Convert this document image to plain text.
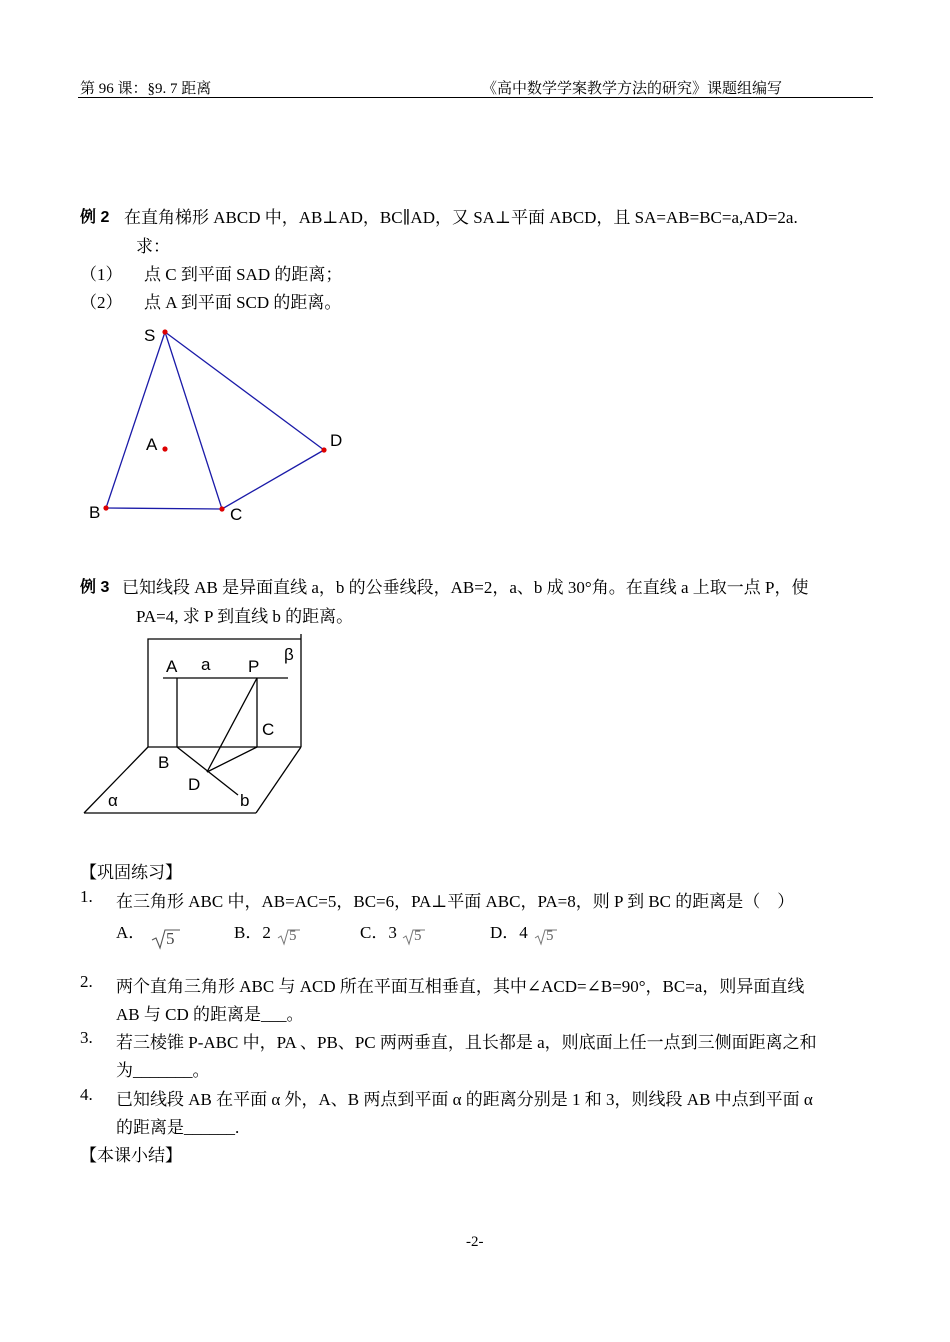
第 96 课：§9. 7 距离	《高中数学学案教学方法的研究》课题组编写
例 2 在直角梯形 ABCD 中，AB⊥AD，BC∥AD，又 SA⊥平面 ABCD，且 SA=AB=BC=a,AD=2a.
求：
（1） 点 C 到平面 SAD 的距离；
（2） 点 A 到平面 SCD 的距离。
S
A
B	C
D
例 3 已知线段 AB 是异面直线 a，b 的公垂线段，AB=2，a、b 成 30°角。在直线 a 上取一点 P，使
PA=4, 求 P 到直线 b 的距离。
A a P
β
C
B
D
b
α
【巩固练习】
1. 在三角形 ABC 中，AB=AC=5，BC=6，PA⊥平面 ABC，PA=8，则 P 到 BC 的距离是（　）
A． 5	B．2 5	C．3 5	D．4 5
2. 两个直角三角形 ABC 与 ACD 所在平面互相垂直，其中∠ACD=∠B=90°，BC=a，则异面直线
AB 与 CD 的距离是___。
3. 若三棱锥 P-ABC 中，PA 、PB、PC 两两垂直，且长都是 a，则底面上任一点到三侧面距离之和
为_______。
4. 已知线段 AB 在平面 α 外，A、B 两点到平面 α 的距离分别是 1 和 3，则线段 AB 中点到平面 α
的距离是______.
【本课小结】
-2-
